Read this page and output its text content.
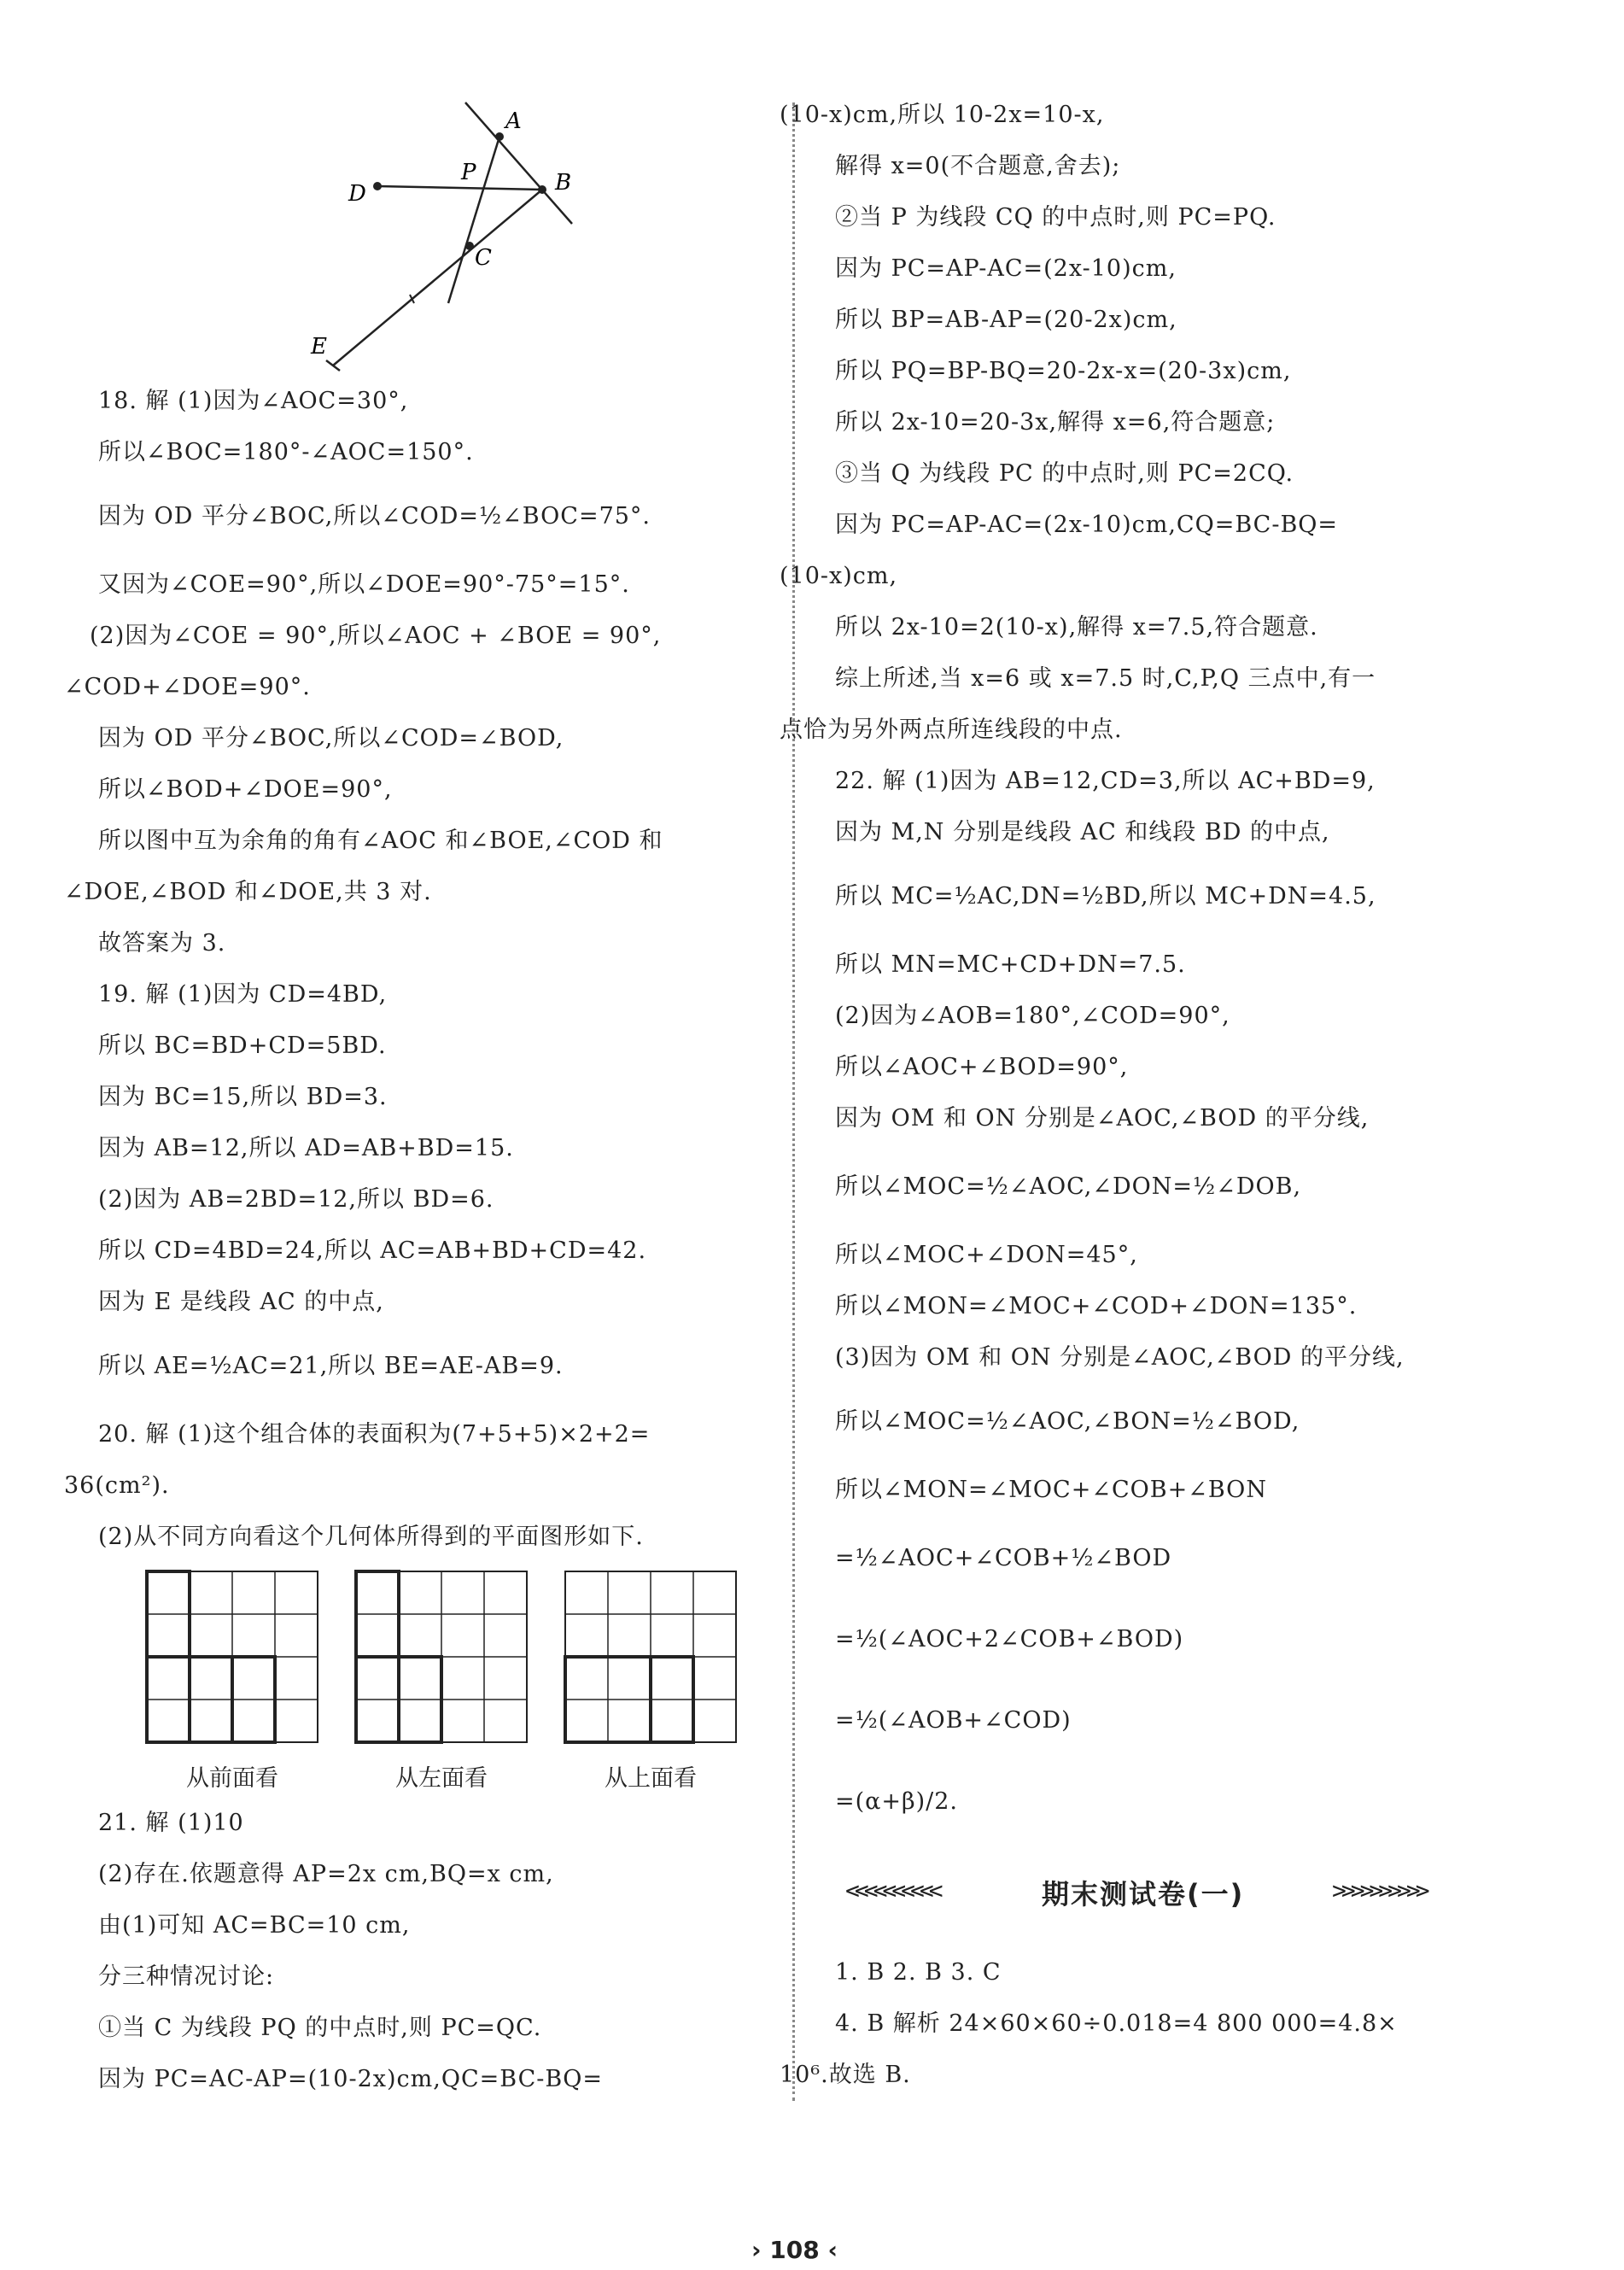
A
B
P
D
C
E
18. 解 (1)因为∠AOC=30°,
所以∠BOC=180°-∠AOC=150°.
因为 OD 平分∠BOC,所以∠COD=½∠BOC=75°.
又因为∠COE=90°,所以∠DOE=90°-75°=15°.
(2)因为∠COE = 90°,所以∠AOC + ∠BOE = 90°,
∠COD+∠DOE=90°.
因为 OD 平分∠BOC,所以∠COD=∠BOD,
所以∠BOD+∠DOE=90°,
所以图中互为余角的角有∠AOC 和∠BOE,∠COD 和
∠DOE,∠BOD 和∠DOE,共 3 对.
故答案为 3.
19. 解 (1)因为 CD=4BD,
所以 BC=BD+CD=5BD.
因为 BC=15,所以 BD=3.
因为 AB=12,所以 AD=AB+BD=15.
(2)因为 AB=2BD=12,所以 BD=6.
所以 CD=4BD=24,所以 AC=AB+BD+CD=42.
因为 E 是线段 AC 的中点,
所以 AE=½AC=21,所以 BE=AE-AB=9.
20. 解 (1)这个组合体的表面积为(7+5+5)×2+2=
36(cm²).
(2)从不同方向看这个几何体所得到的平面图形如下.
21. 解 (1)10
(2)存在.依题意得 AP=2x cm,BQ=x cm,
由(1)可知 AC=BC=10 cm,
分三种情况讨论:
①当 C 为线段 PQ 的中点时,则 PC=QC.
因为 PC=AC-AP=(10-2x)cm,QC=BC-BQ=
从前面看	从左面看	从上面看
(10-x)cm,所以 10-2x=10-x,
解得 x=0(不合题意,舍去);
②当 P 为线段 CQ 的中点时,则 PC=PQ.
因为 PC=AP-AC=(2x-10)cm,
所以 BP=AB-AP=(20-2x)cm,
所以 PQ=BP-BQ=20-2x-x=(20-3x)cm,
所以 2x-10=20-3x,解得 x=6,符合题意;
③当 Q 为线段 PC 的中点时,则 PC=2CQ.
因为 PC=AP-AC=(2x-10)cm,CQ=BC-BQ=
(10-x)cm,
所以 2x-10=2(10-x),解得 x=7.5,符合题意.
综上所述,当 x=6 或 x=7.5 时,C,P,Q 三点中,有一
点恰为另外两点所连线段的中点.
22. 解 (1)因为 AB=12,CD=3,所以 AC+BD=9,
因为 M,N 分别是线段 AC 和线段 BD 的中点,
所以 MC=½AC,DN=½BD,所以 MC+DN=4.5,
所以 MN=MC+CD+DN=7.5.
(2)因为∠AOB=180°,∠COD=90°,
所以∠AOC+∠BOD=90°,
因为 OM 和 ON 分别是∠AOC,∠BOD 的平分线,
所以∠MOC=½∠AOC,∠DON=½∠DOB,
所以∠MOC+∠DON=45°,
所以∠MON=∠MOC+∠COD+∠DON=135°.
(3)因为 OM 和 ON 分别是∠AOC,∠BOD 的平分线,
所以∠MOC=½∠AOC,∠BON=½∠BOD,
所以∠MON=∠MOC+∠COB+∠BON
=½∠AOC+∠COB+½∠BOD
=½(∠AOC+2∠COB+∠BOD)
=½(∠AOB+∠COD)
=(α+β)/2.
1. B 2. B 3. C
4. B 解析 24×60×60÷0.018=4 800 000=4.8×
10⁶.故选 B.
<<<<<<<<<<	期末测试卷(一)	>>>>>>>>>>
› 108 ‹
